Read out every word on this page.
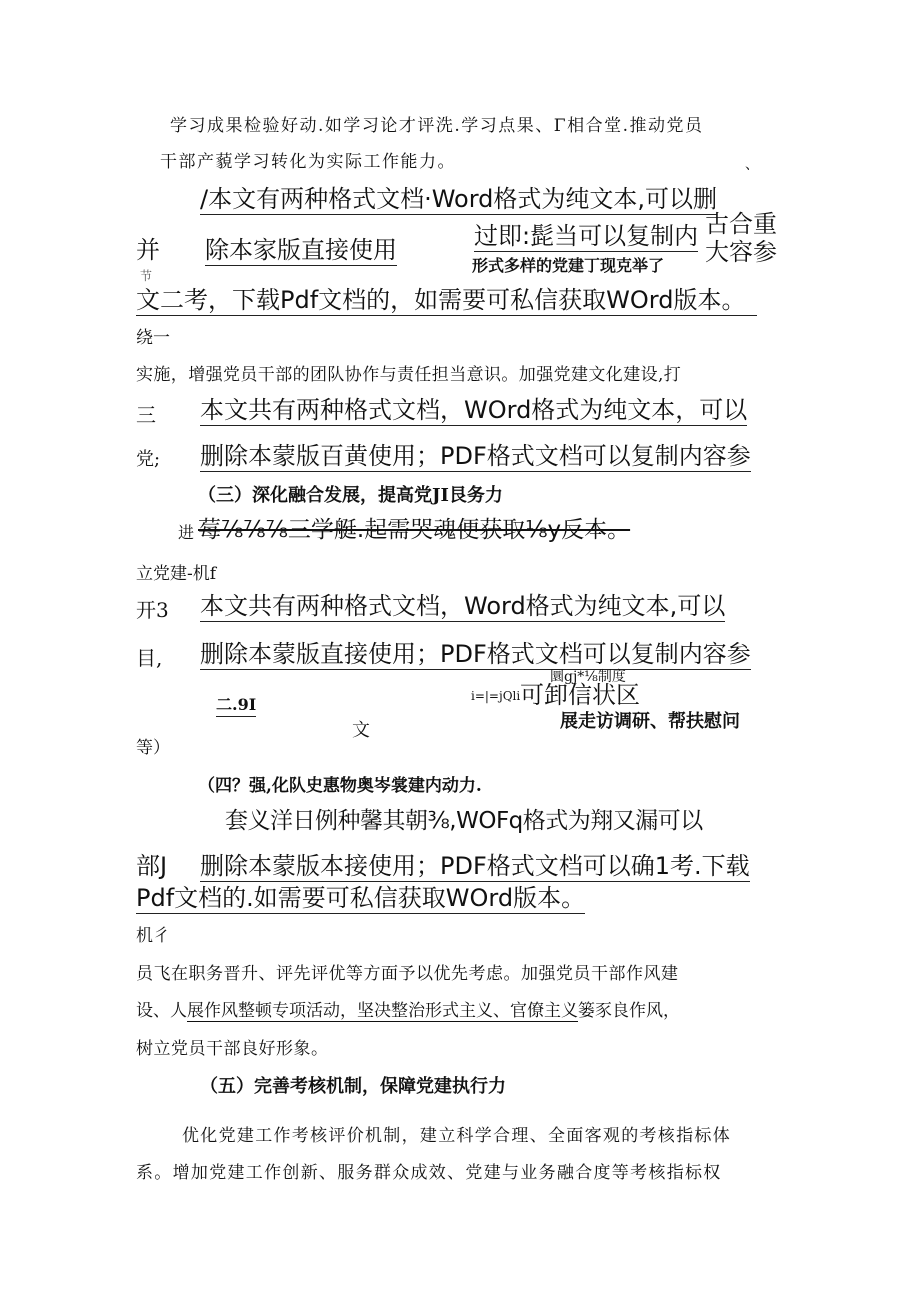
学习成果检验好动.如学习论才评洗.学习点果、Γ相合堂.推动党员
干部产藐学习转化为实际工作能力。	、
/本文有两种格式文档·Word格式为纯文本,可以删
并 除本家版直接使用	过即:髭当可以复制内 古合重
大容参
节
形式多样的党建丁现克举了
文二考，下载Pdf文档的，如需要可私信获取WOrd版本。
绕一
实施，增强党员干部的团队协作与责任担当意识。加强党建文化建设,打
三 本文共有两种格式文档，WOrd格式为纯文本，可以
党; 删除本蒙版百黄使用；PDF格式文档可以复制内容参
（三）深化融合发展，提高党JI艮务力
进 莓⅞⅞⅞三学艇.起需哭魂便获取⅛y反本。
立党建-机f
开3 本文共有两种格式文档，Word格式为纯文本,可以
目, 删除本蒙版直接使用；PDF格式文档可以复制内容参
圜gj*⅛制度
二.9I	i=|=jQli 可卸信状区
文	展走访调研、帮扶慰问
等）
（四？强,化队史惠物奥岑裳建内动力.
套义洋日例种馨其朝⅜,WOFq格式为翔又漏可以
部J 删除本蒙版本接使用；PDF格式文档可以确1考.下载
Pdf文档的.如需要可私信获取WOrd版本。
机彳
员飞在职务晋升、评先评优等方面予以优先考虑。加强党员干部作风建
设、人展作风整顿专项活动，坚决整治形式主义、官僚主义篓豕良作风，
树立党员干部良好形象。
（五）完善考核机制，保障党建执行力
优化党建工作考核评价机制，建立科学合理、全面客观的考核指标体
系。增加党建工作创新、服务群众成效、党建与业务融合度等考核指标权
